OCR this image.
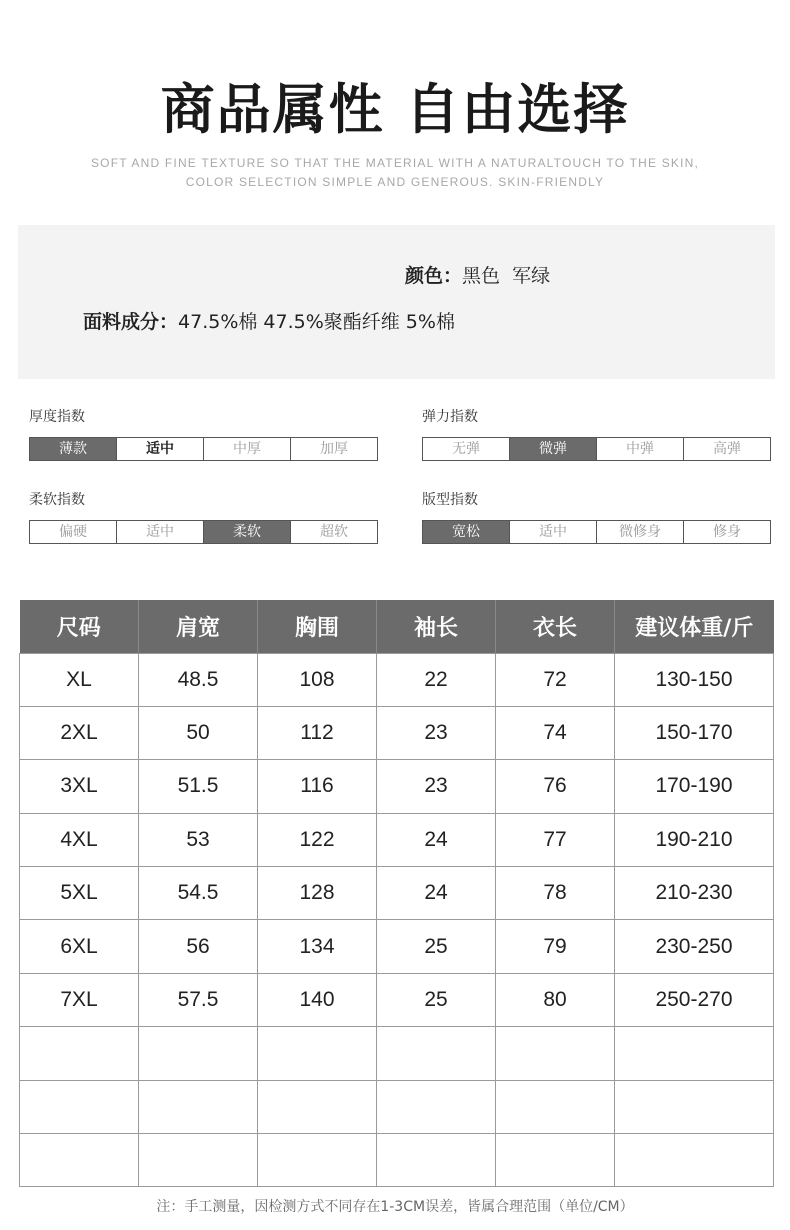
商品属性 自由选择
SOFT AND FINE TEXTURE SO THAT THE MATERIAL WITH A NATURALTOUCH TO THE SKIN,
COLOR SELECTION SIMPLE AND GENEROUS. SKIN-FRIENDLY
颜色：黑色  军绿
面料成分：47.5%棉 47.5%聚酯纤维 5%棉
厚度指数
薄款	适中	中厚	加厚
弹力指数
无弹	微弹	中弹	高弹
柔软指数
偏硬	适中	柔软	超软
版型指数
宽松	适中	微修身	修身
尺码	肩宽	胸围	袖长	衣长	建议体重/斤
XL	48.5	108	22	72	130-150
2XL	50	112	23	74	150-170
3XL	51.5	116	23	76	170-190
4XL	53	122	24	77	190-210
5XL	54.5	128	24	78	210-230
6XL	56	134	25	79	230-250
7XL	57.5	140	25	80	250-270

注：手工测量，因检测方式不同存在1-3CM误差，皆属合理范围（单位/CM）
